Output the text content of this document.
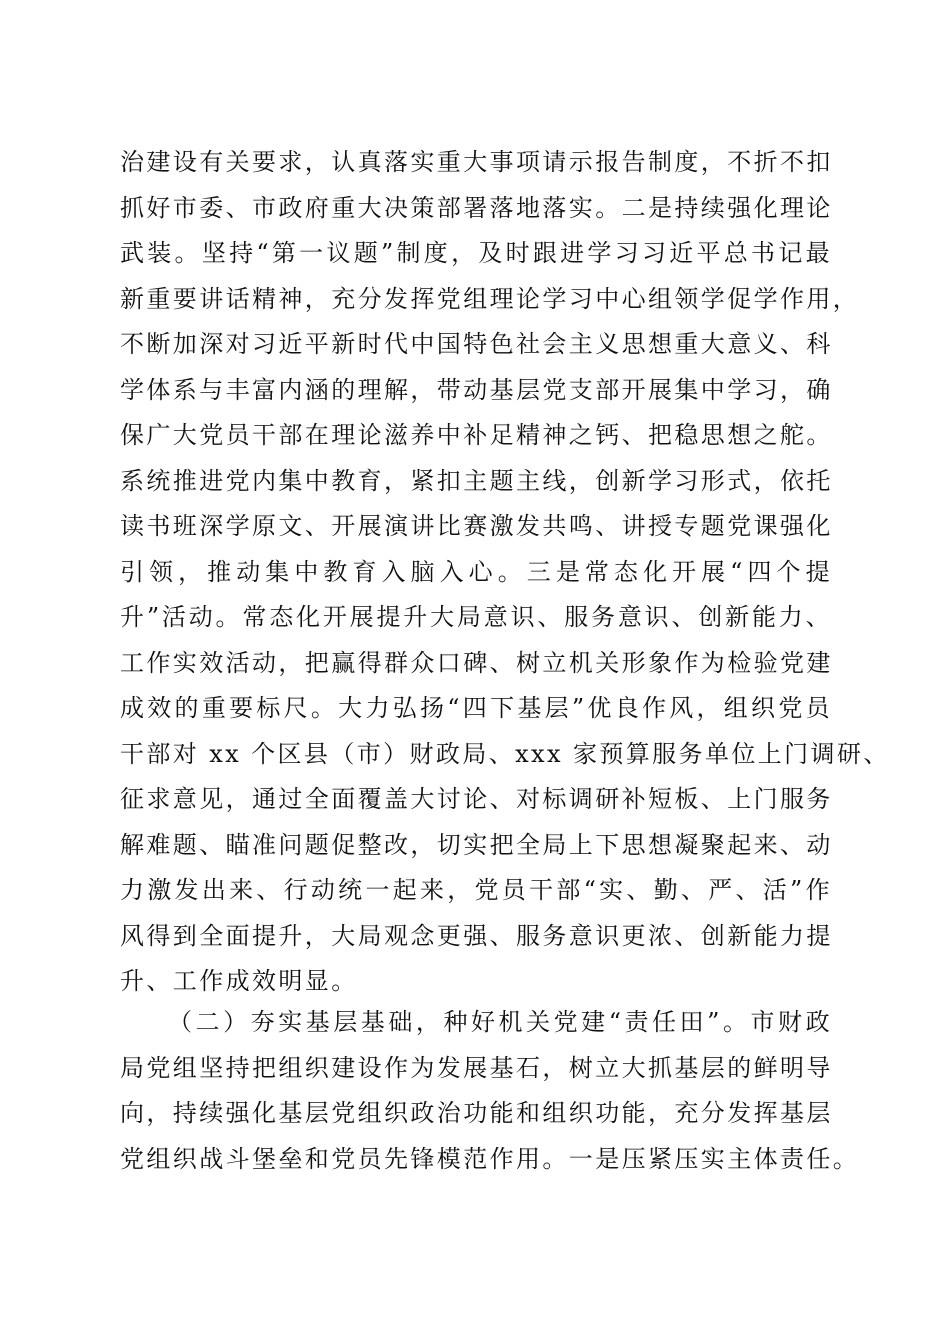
治建设有关要求，认真落实重大事项请示报告制度，不折不扣
抓好市委、市政府重大决策部署落地落实。二是持续强化理论
武装。坚持“第一议题”制度，及时跟进学习习近平总书记最
新重要讲话精神，充分发挥党组理论学习中心组领学促学作用，
不断加深对习近平新时代中国特色社会主义思想重大意义、科
学体系与丰富内涵的理解，带动基层党支部开展集中学习，确
保广大党员干部在理论滋养中补足精神之钙、把稳思想之舵。
系统推进党内集中教育，紧扣主题主线，创新学习形式，依托
读书班深学原文、开展演讲比赛激发共鸣、讲授专题党课强化
引领，推动集中教育入脑入心。三是常态化开展“四个提
升”活动。常态化开展提升大局意识、服务意识、创新能力、
工作实效活动，把赢得群众口碑、树立机关形象作为检验党建
成效的重要标尺。大力弘扬“四下基层”优良作风，组织党员
干部对 xx 个区县（市）财政局、xxx 家预算服务单位上门调研、
征求意见，通过全面覆盖大讨论、对标调研补短板、上门服务
解难题、瞄准问题促整改，切实把全局上下思想凝聚起来、动
力激发出来、行动统一起来，党员干部“实、勤、严、活”作
风得到全面提升，大局观念更强、服务意识更浓、创新能力提
升、工作成效明显。
（二）夯实基层基础，种好机关党建“责任田”。市财政
局党组坚持把组织建设作为发展基石，树立大抓基层的鲜明导
向，持续强化基层党组织政治功能和组织功能，充分发挥基层
党组织战斗堡垒和党员先锋模范作用。一是压紧压实主体责任。
